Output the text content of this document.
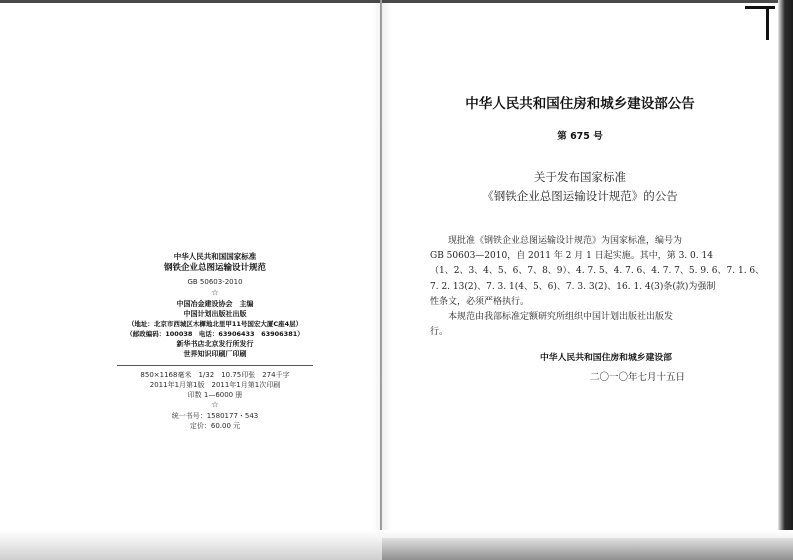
中华人民共和国国家标准
钢铁企业总图运输设计规范
GB 50603-2010
☆
中国冶金建设协会　主编
中国计划出版社出版
（地址：北京市西城区木樨地北里甲11号国宏大厦C座4层）
（邮政编码：100038　电话：63906433　63906381）
新华书店北京发行所发行
世界知识印刷厂印刷
850×1168毫米　1/32　10.75印张　274千字
2011年1月第1版　2011年1月第1次印刷
印数 1—6000 册
☆
统一书号：1580177・543
定价：60.00 元
中华人民共和国住房和城乡建设部公告
第 675 号
关于发布国家标准
《钢铁企业总图运输设计规范》的公告
　　现批准《钢铁企业总图运输设计规范》为国家标准，编号为
GB 50603—2010，自 2011 年 2 月 1 日起实施。其中，第 3. 0. 14
（1、2、3、4、5、6、7、8、9）、4. 7. 5、4. 7. 6、4. 7. 7、5. 9. 6、7. 1. 6、
7. 2. 13(2)、7. 3. 1(4、5、6)、7. 3. 3(2)、16. 1. 4(3)条(款)为强制
性条文，必须严格执行。
　　本规范由我部标准定额研究所组织中国计划出版社出版发
行。
中华人民共和国住房和城乡建设部
二〇一〇年七月十五日
